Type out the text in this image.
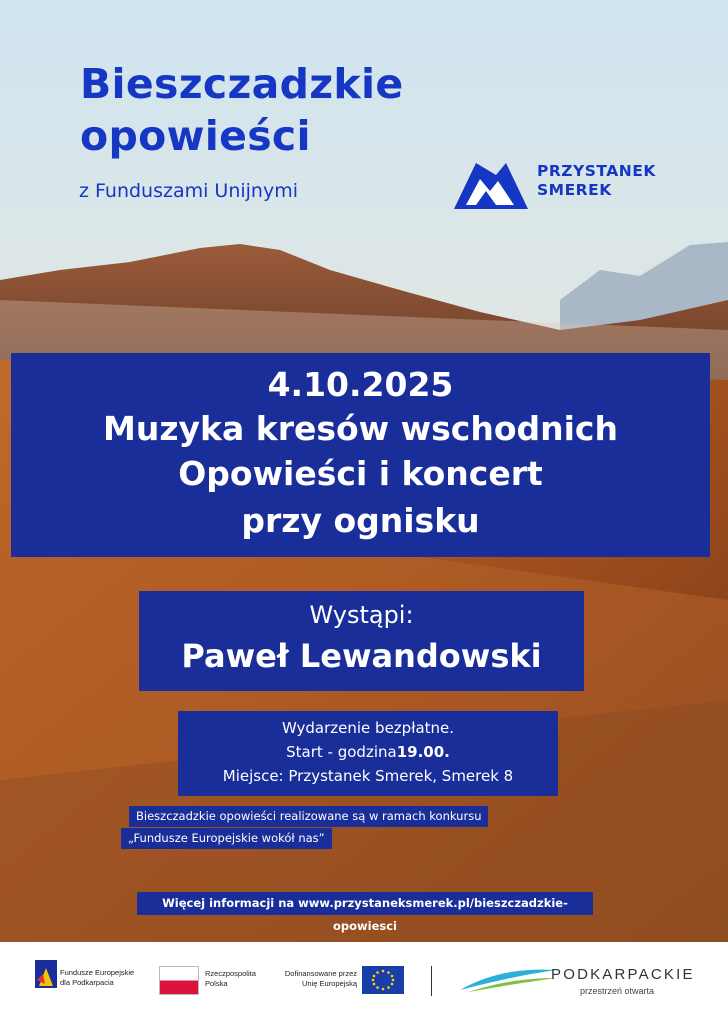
Bieszczadzkie
opowieści
z Funduszami Unijnymi
PRZYSTANEK
SMEREK
4.10.2025
Muzyka kresów wschodnich
Opowieści i koncert
przy ognisku
Wystąpi:
Paweł Lewandowski
Wydarzenie bezpłatne.
Start - godzina19.00.
Miejsce: Przystanek Smerek, Smerek 8
Bieszczadzkie opowieści realizowane są w ramach konkursu
„Fundusze Europejskie wokół nas”
Więcej informacji na www.przystaneksmerek.pl/bieszczadzkie-opowiesci
Fundusze Europejskie
dla Podkarpacia
Rzeczpospolita
Polska
Dofinansowane przez
Unię Europejską
PODKARPACKIE
przestrzeń otwarta
